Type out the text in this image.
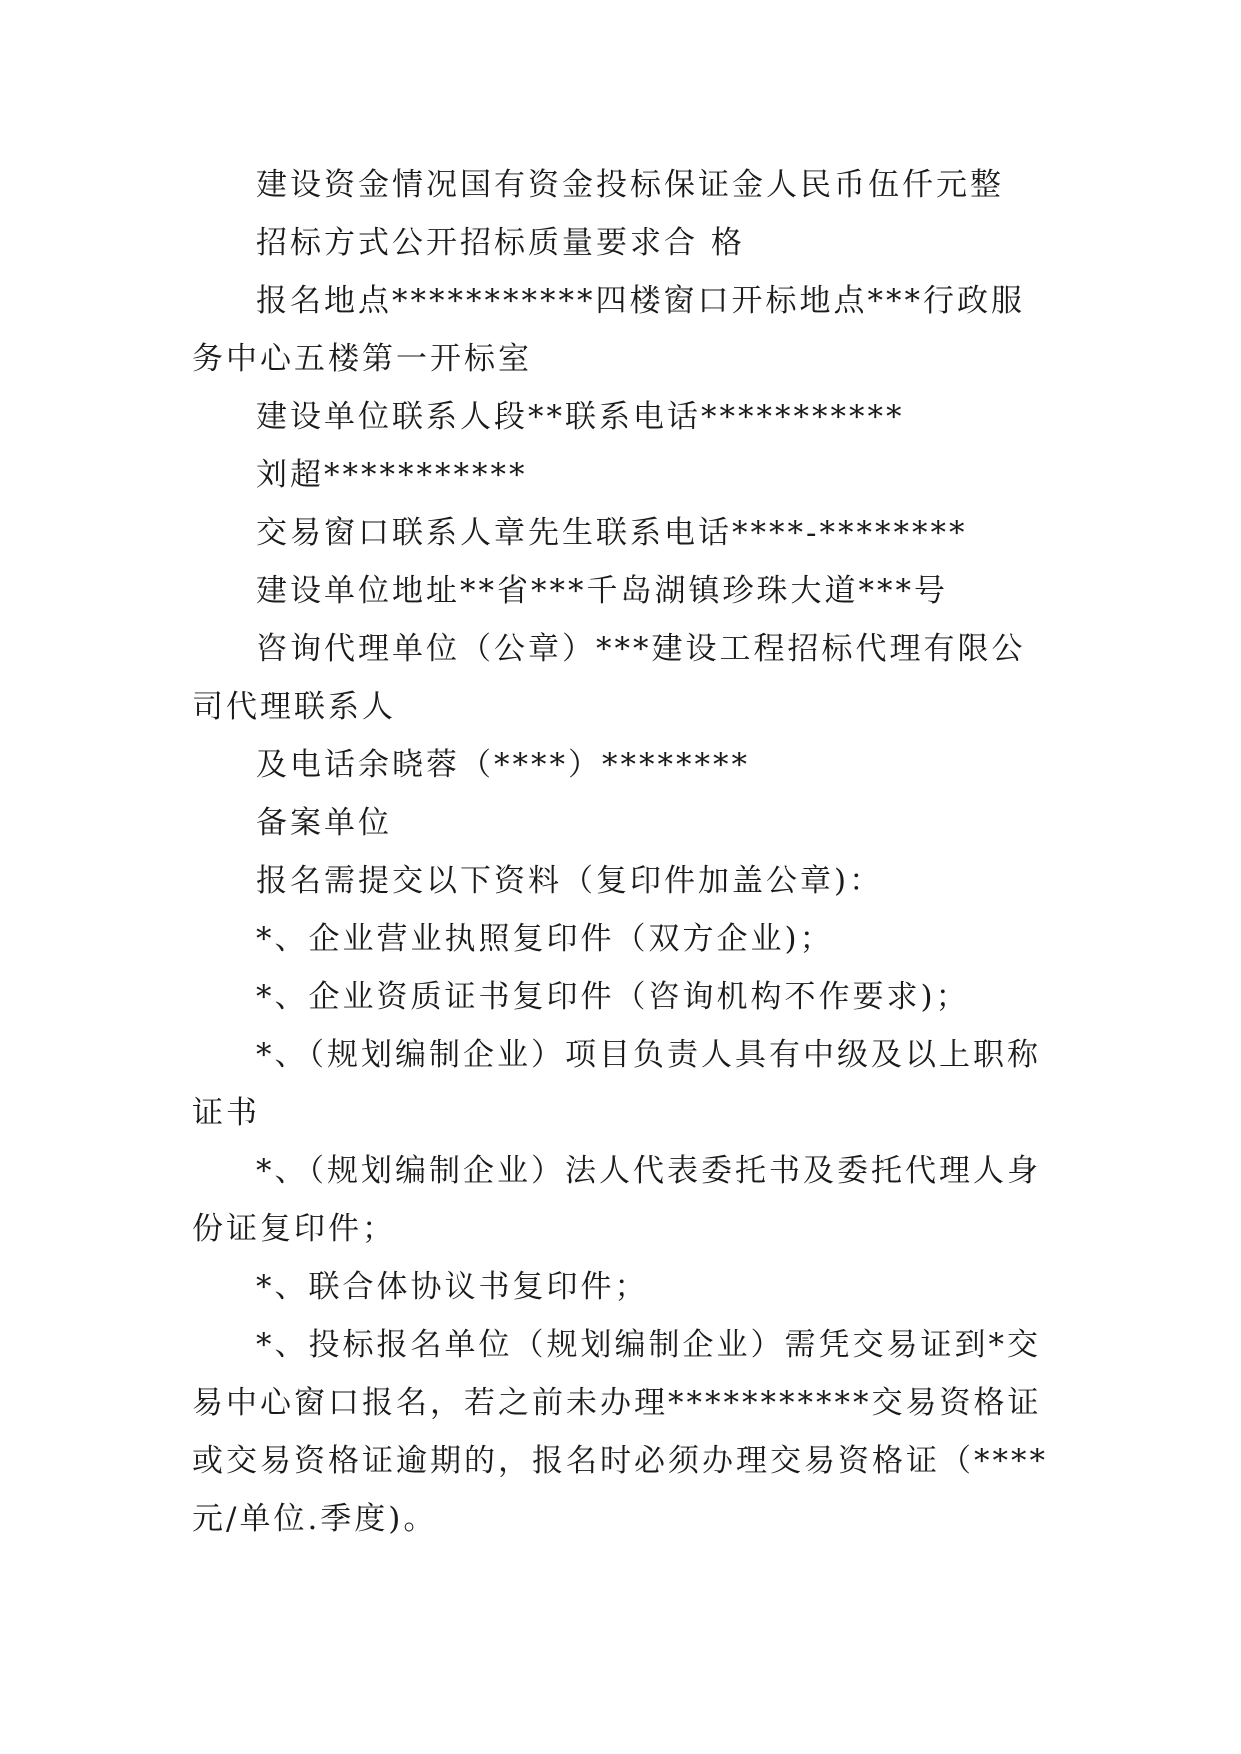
建设资金情况国有资金投标保证金人民币伍仟元整

招标方式公开招标质量要求合 格

报名地点***********四楼窗口开标地点***行政服务中心五楼第一开标室

建设单位联系人段**联系电话***********

刘超***********

交易窗口联系人章先生联系电话****-********

建设单位地址**省***千岛湖镇珍珠大道***号

咨询代理单位（公章）***建设工程招标代理有限公司代理联系人

及电话余晓蓉（****）********

备案单位

报名需提交以下资料（复印件加盖公章)：

*、企业营业执照复印件（双方企业)；

*、企业资质证书复印件（咨询机构不作要求)；

*、（规划编制企业）项目负责人具有中级及以上职称证书

*、（规划编制企业）法人代表委托书及委托代理人身份证复印件；

*、联合体协议书复印件；

*、投标报名单位（规划编制企业）需凭交易证到*交易中心窗口报名，若之前未办理***********交易资格证或交易资格证逾期的，报名时必须办理交易资格证（****元/单位.季度)。
